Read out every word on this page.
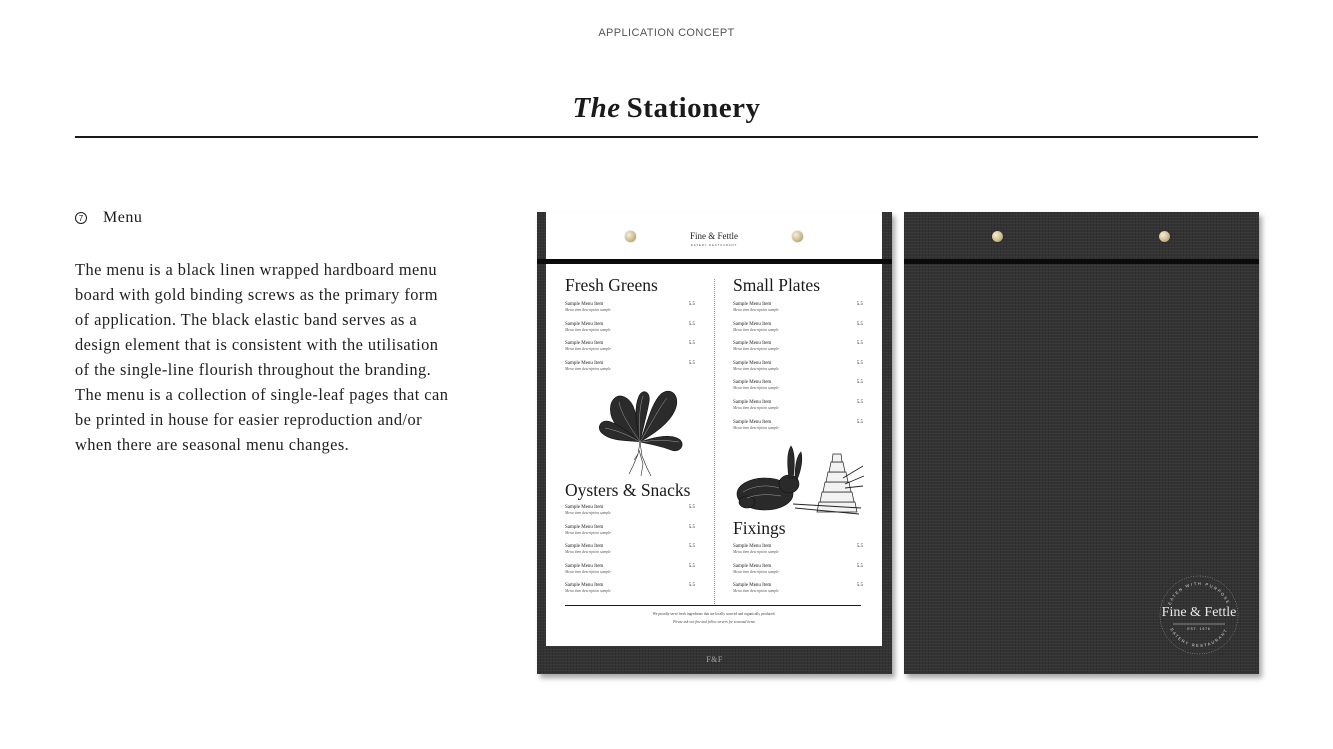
APPLICATION CONCEPT
The Stationery
7 Menu

The menu is a black linen wrapped hardboard menu board with gold binding screws as the primary form of application. The black elastic band serves as a design element that is consistent with the utilisation of the single-line flourish throughout the branding. The menu is a collection of single-leaf pages that can be printed in house for easier reproduction and/or when there are seasonal menu changes.

Fine & Fettle
EATERY RESTAURANT
Fresh Greens
Sample Menu Item
Menu item description sample
5.5
Sample Menu Item
Menu item description sample
5.5
Sample Menu Item
Menu item description sample
5.5
Sample Menu Item
Menu item description sample
5.5
Oysters & Snacks
Sample Menu Item
Menu item description sample
5.5
Sample Menu Item
Menu item description sample
5.5
Sample Menu Item
Menu item description sample
5.5
Sample Menu Item
Menu item description sample
5.5
Sample Menu Item
Menu item description sample
5.5
Small Plates
Sample Menu Item
Menu item description sample
5.5
Sample Menu Item
Menu item description sample
5.5
Sample Menu Item
Menu item description sample
5.5
Sample Menu Item
Menu item description sample
5.5
Sample Menu Item
Menu item description sample
5.5
Sample Menu Item
Menu item description sample
5.5
Sample Menu Item
Menu item description sample
5.5
Fixings
Sample Menu Item
Menu item description sample
5.5
Sample Menu Item
Menu item description sample
5.5
Sample Menu Item
Menu item description sample
5.5
We proudly serve fresh ingredients that are locally sourced and organically produced.
Please ask our fine and fellow servers for seasonal items
F&F
EATEN WITH PURPOSE
EATERY RESTAURANT
Fine & Fettle
EST. 1976
